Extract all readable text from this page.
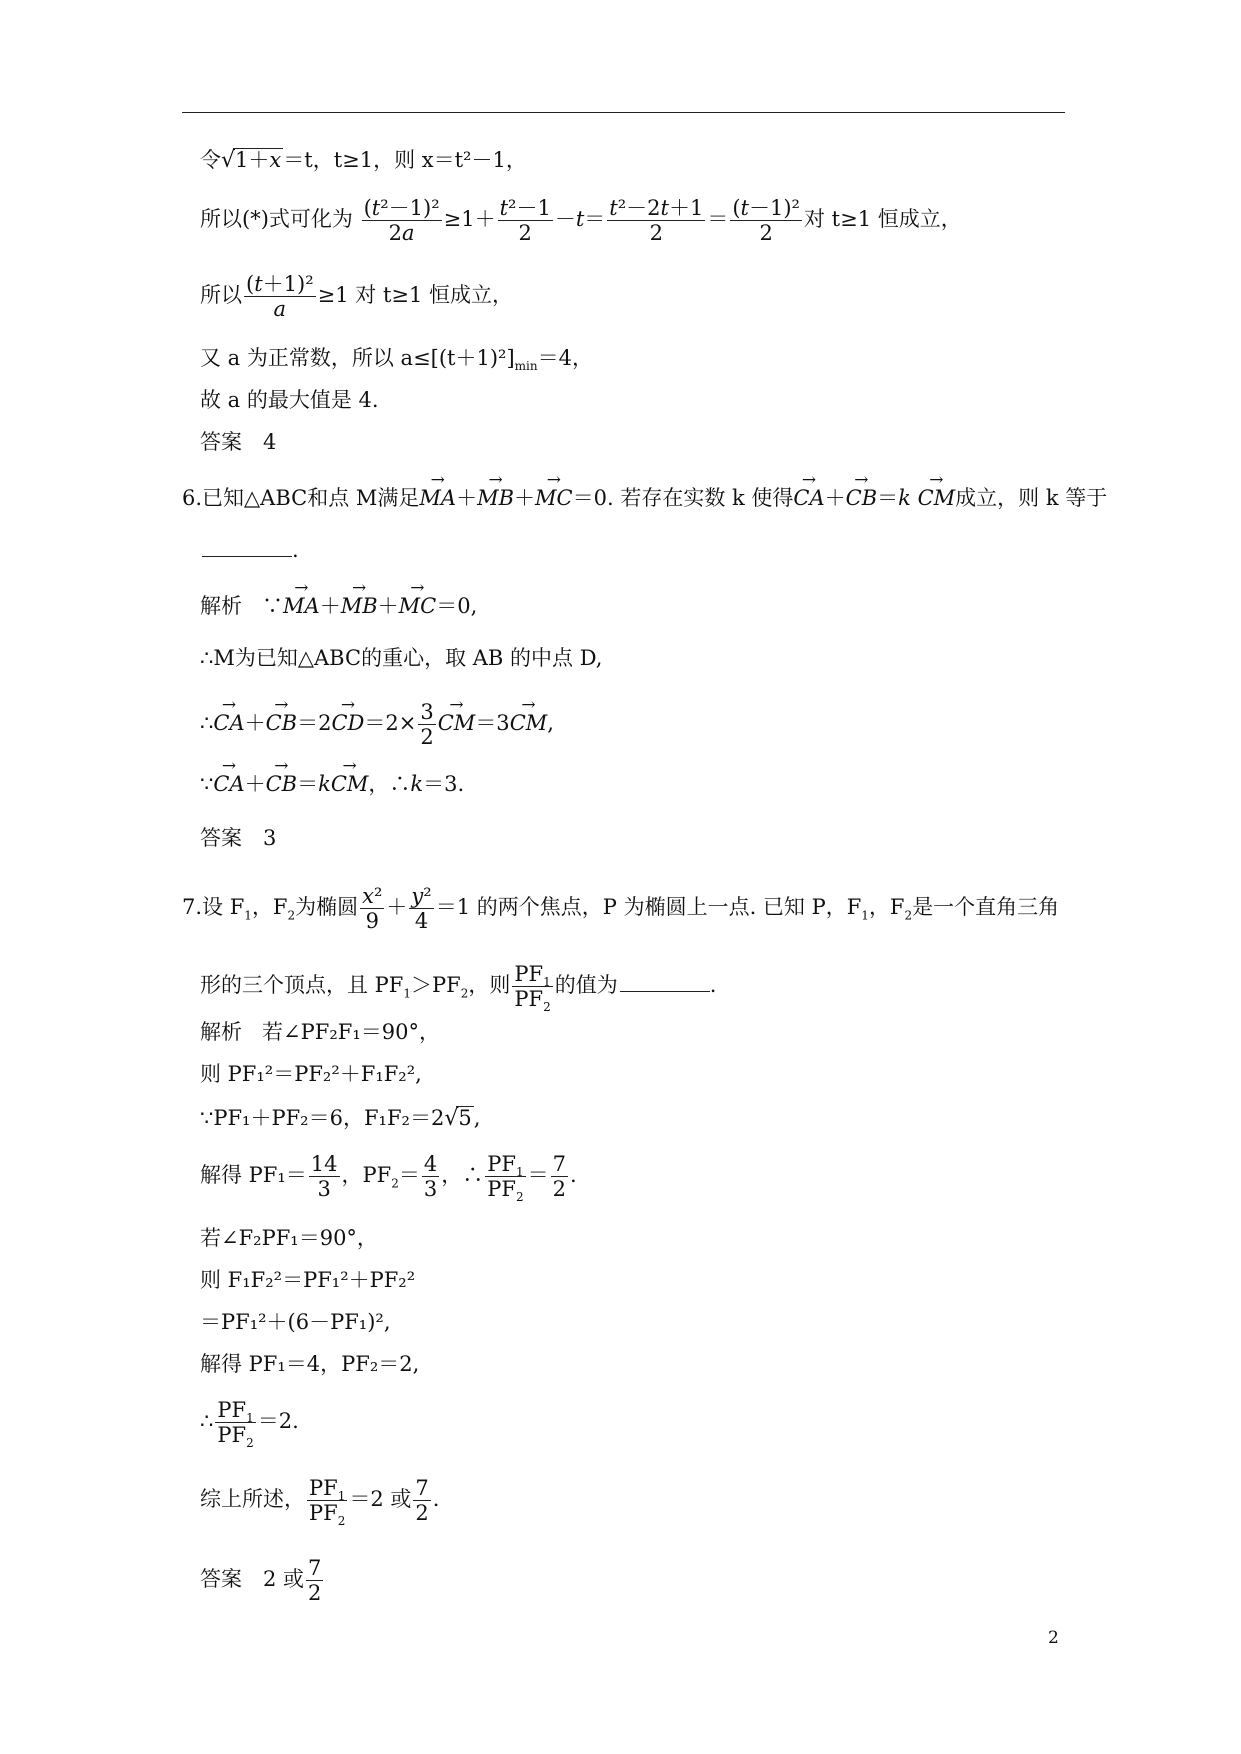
令√1＋x＝t，t≥1，则 x＝t²－1，
所以(*)式可化为 $\frac{\text{(t²－1)²}}{2a} \ge 1+ \frac{\text{t²－1}}{2} -t= \frac{\text{t²－2t＋1}}{2} = \frac{\text{(t－1)²}}{2}$ 对 t≥1 恒成立，
所以 $\frac{\text{(t＋1)²}}{a} \ge 1$ 对 t≥1 恒成立，
又 a 为正常数，所以 $a\le[(t+1)^2]_{min}=4$，
故 a 的最大值是 4.
答案　4
6.已知△ABC和点 M满足→ MA＋→ MB＋→ MC＝0. 若存在实数 k 使得→ CA＋→ CB＝k → CM成立，则 k 等于
.
解析   ∵→ MA＋→ MB＋→ MC＝0,
∴M为已知△ABC的重心，取 AB 的中点 D,
∴→ $CA+\to CB=2\to CD=2\times \frac{3}{2}$
→ CM＝3→ CM,
∵→ CA＋→ CB＝k→ CM，∴k＝3.
答案　3
7.设 $F_1$，$F_2$为椭圆 $\frac{\text{x²}}{9} + \frac{\text{y²}}{4} =1$ 的两个焦点，P 为椭圆上一点. 已知 P，$F_1$，$F_2$是一个直角三角
形的三个顶点，且 $PF_1>PF_2$，则 $\frac{PF_1}{PF_2}$ 的值为	.
解析 若∠PF₂F₁＝90°，
则 PF₁²＝PF₂²＋F₁F₂²,
∵PF₁＋PF₂＝6，F₁F₂＝2√5,
解得 $PF_1= \frac{14}{3}$ ，$PF_2= \frac{4}{3}$ ，∴ $\frac{PF_1}{PF_2} = \frac{7}{2}$ .
若∠F₂PF₁＝90°，
则 F₁F₂²＝PF₁²＋PF₂²
＝PF₁²＋(6－PF₁)²,
解得 PF₁＝4，PF₂＝2,
∴ $\frac{PF_1}{PF_2} =2$.
综上所述， $\frac{PF_1}{PF_2} =2$ 或 $\frac{7}{2}$ .
答案　2 或 $\frac{7}{2}$
2
